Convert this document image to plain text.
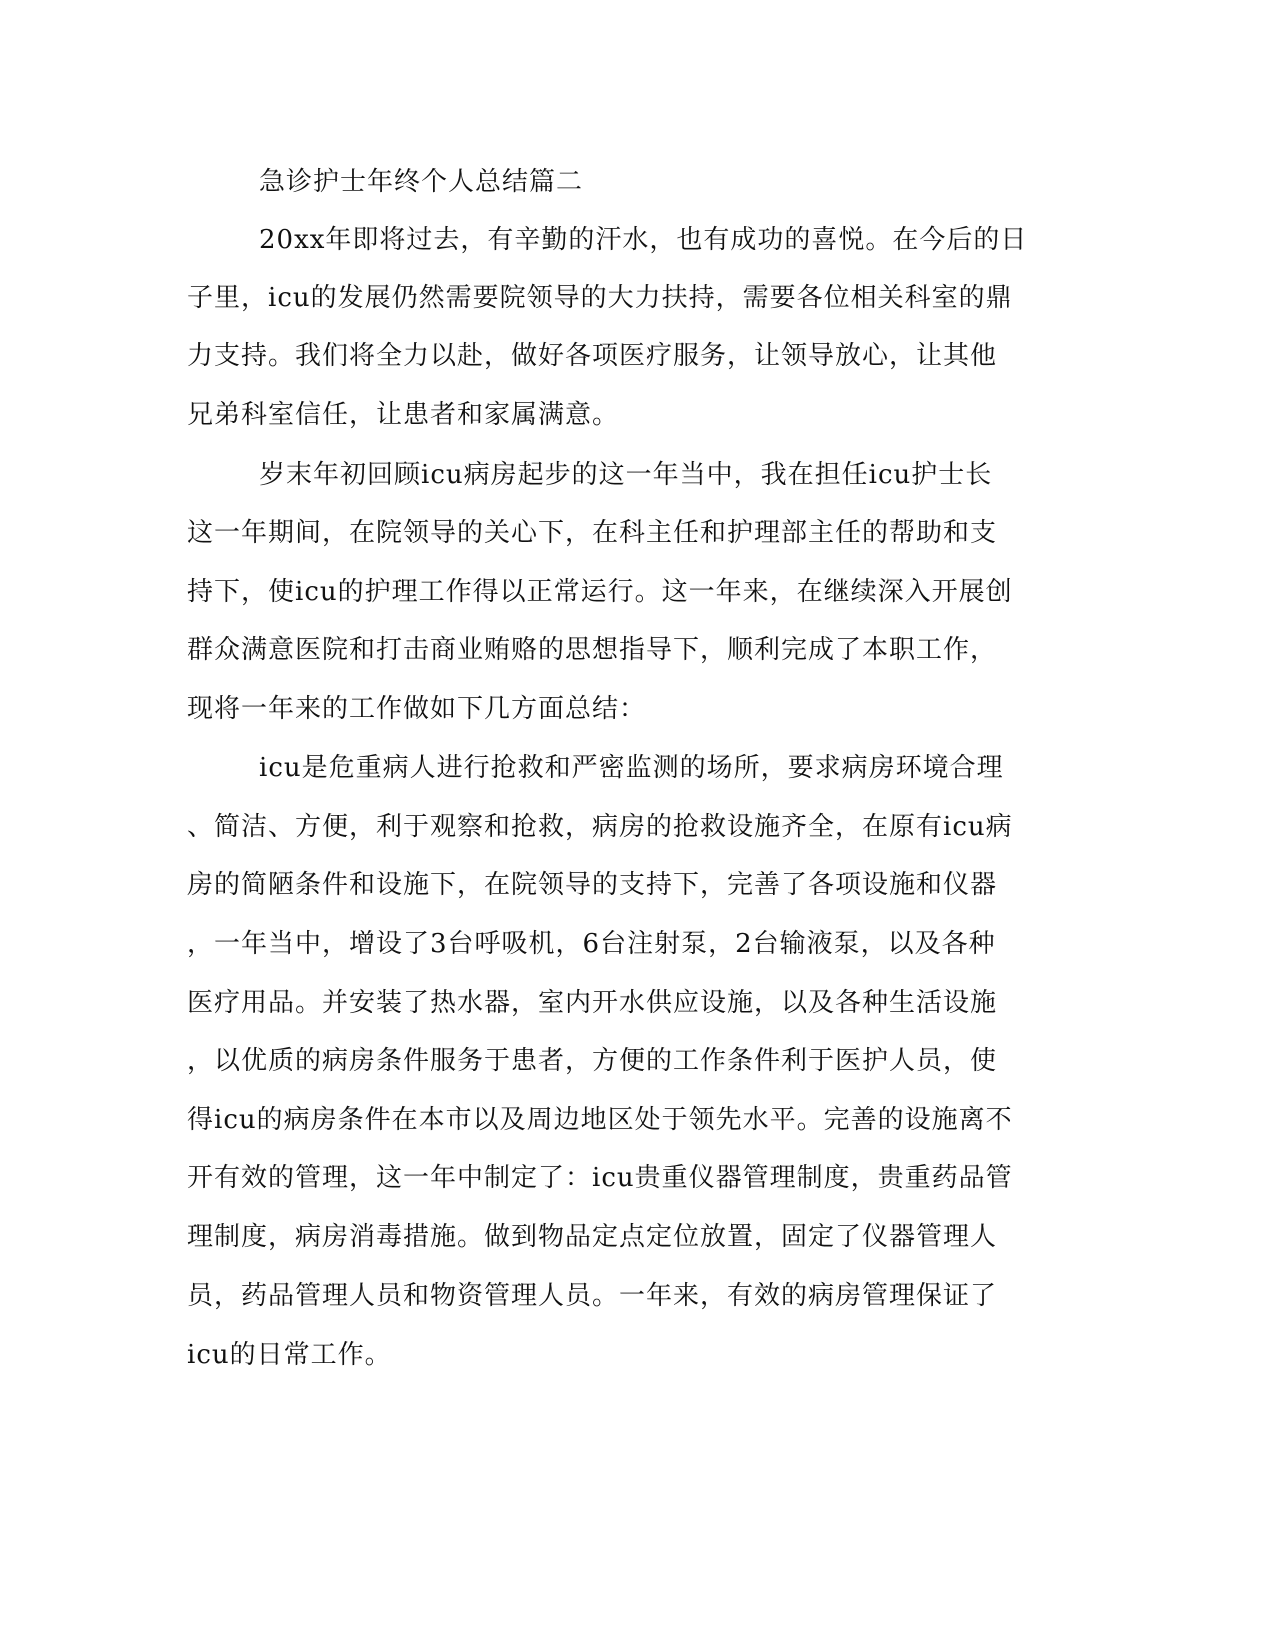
急诊护士年终个人总结篇二
20xx年即将过去，有辛勤的汗水，也有成功的喜悦。在今后的日
子里，icu的发展仍然需要院领导的大力扶持，需要各位相关科室的鼎
力支持。我们将全力以赴，做好各项医疗服务，让领导放心，让其他
兄弟科室信任，让患者和家属满意。
岁末年初回顾icu病房起步的这一年当中，我在担任icu护士长
这一年期间，在院领导的关心下，在科主任和护理部主任的帮助和支
持下，使icu的护理工作得以正常运行。这一年来，在继续深入开展创
群众满意医院和打击商业贿赂的思想指导下，顺利完成了本职工作，
现将一年来的工作做如下几方面总结：
icu是危重病人进行抢救和严密监测的场所，要求病房环境合理
、简洁、方便，利于观察和抢救，病房的抢救设施齐全，在原有icu病
房的简陋条件和设施下，在院领导的支持下，完善了各项设施和仪器
，一年当中，增设了3台呼吸机，6台注射泵，2台输液泵，以及各种
医疗用品。并安装了热水器，室内开水供应设施，以及各种生活设施
，以优质的病房条件服务于患者，方便的工作条件利于医护人员，使
得icu的病房条件在本市以及周边地区处于领先水平。完善的设施离不
开有效的管理，这一年中制定了：icu贵重仪器管理制度，贵重药品管
理制度，病房消毒措施。做到物品定点定位放置，固定了仪器管理人
员，药品管理人员和物资管理人员。一年来，有效的病房管理保证了
icu的日常工作。
